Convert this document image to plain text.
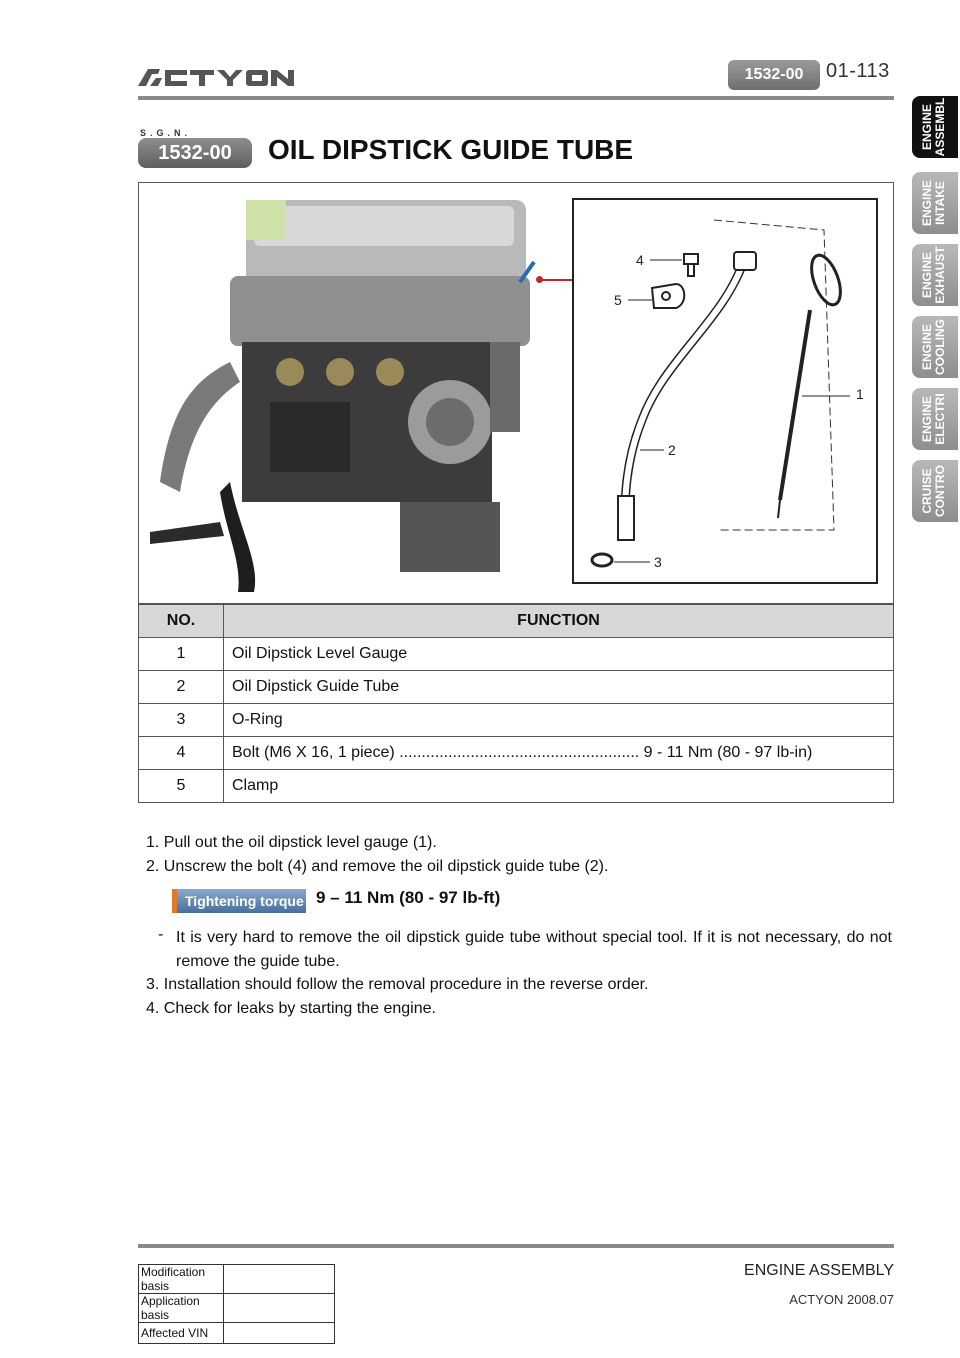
1532-00	01-113
S.G.N.
1532-00	OIL DIPSTICK GUIDE TUBE	ENGINE
ASSEMBL
ENGINE
INTAKE
ENGINE
EXHAUST
ENGINE
COOLING
ENGINE
ELECTRI
CRUISE
CONTRO
1
2
3
4
5
NO.	FUNCTION
1	Oil Dipstick Level Gauge
2	Oil Dipstick Guide Tube
3	O-Ring
4	Bolt (M6 X 16, 1 piece) ...................................................... 9 - 11 Nm (80 - 97 lb-in)
5	Clamp
1. Pull out the oil dipstick level gauge (1).
2. Unscrew the bolt (4) and remove the oil dipstick guide tube (2).
Tightening torque 9 – 11 Nm (80 - 97 lb-ft)
- It is very hard to remove the oil dipstick guide tube without special tool. If it is not necessary, do not remove the guide tube.
3. Installation should follow the removal procedure in the reverse order.
4. Check for leaks by starting the engine.
ENGINE ASSEMBLY
ACTYON 2008.07
Modification basis	
Application basis	
Affected VIN	
